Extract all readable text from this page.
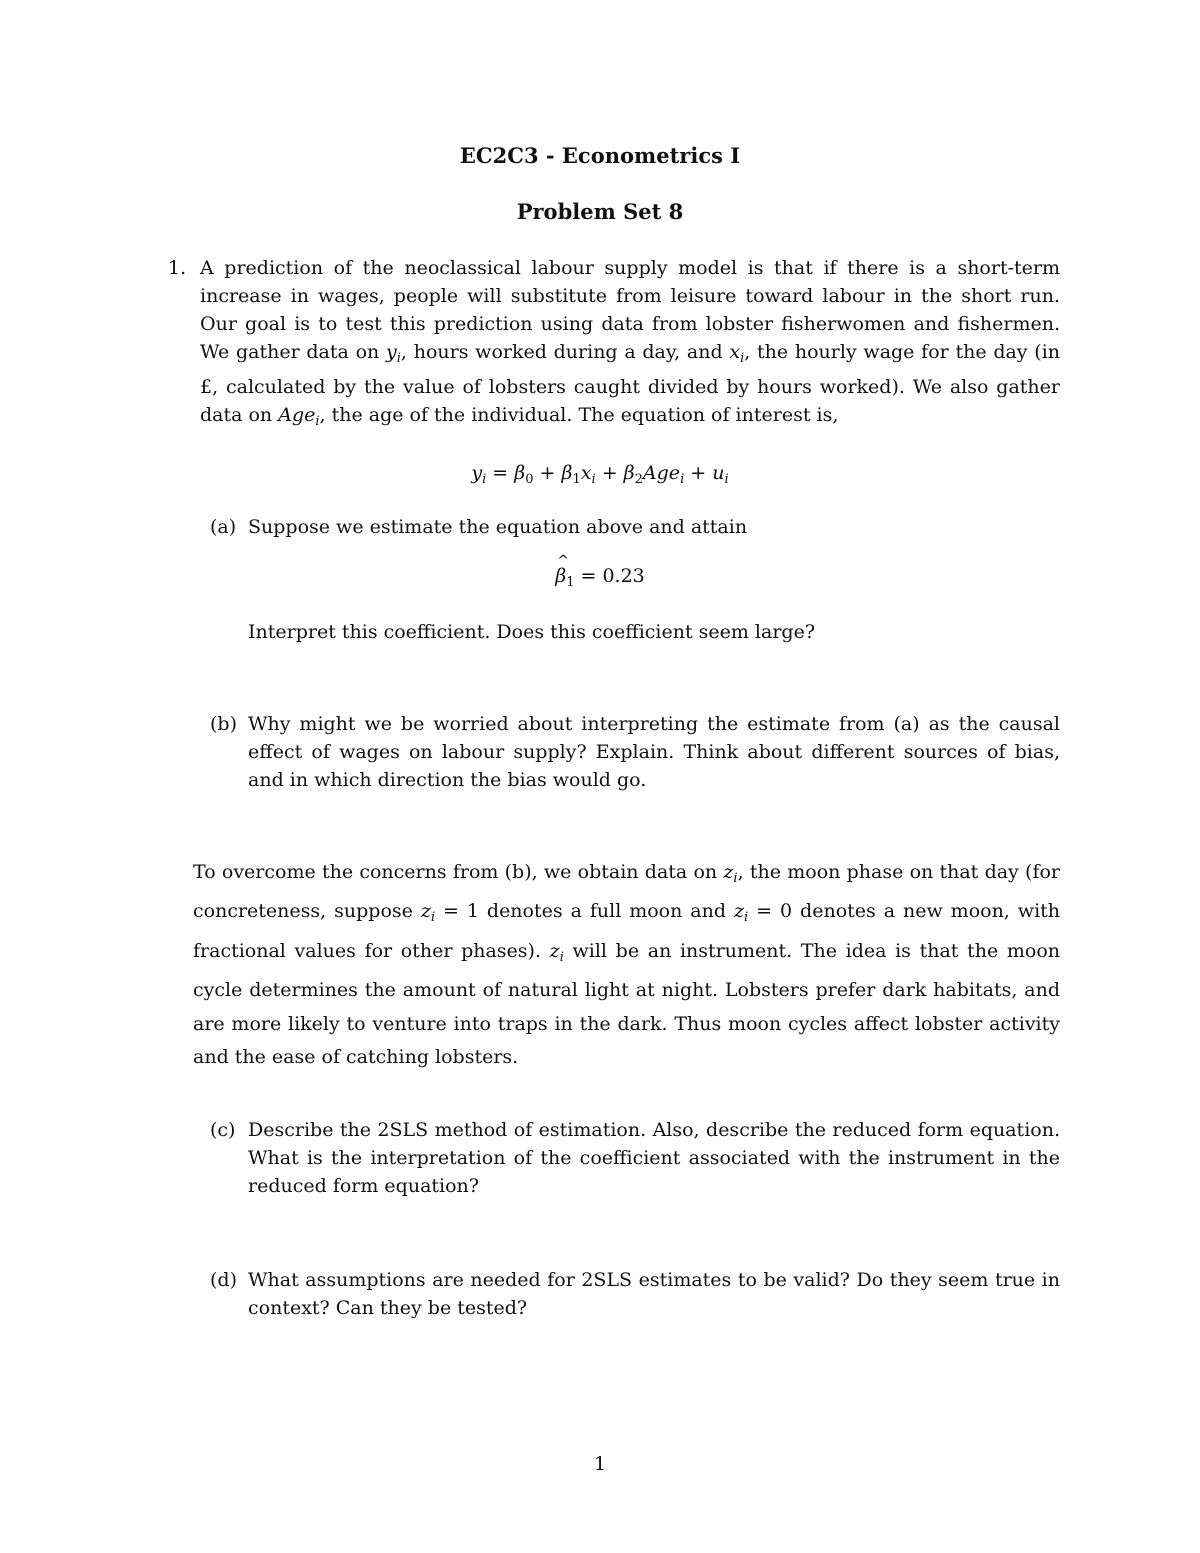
EC2C3 - Econometrics I
Problem Set 8
1. A prediction of the neoclassical labour supply model is that if there is a short-term increase in wages, people will substitute from leisure toward labour in the short run. Our goal is to test this prediction using data from lobster fisherwomen and fishermen. We gather data on $y_i$, hours worked during a day, and $x_i$, the hourly wage for the day (in £, calculated by the value of lobsters caught divided by hours worked). We also gather data on Age$_i$, the age of the individual. The equation of interest is,

$y_i = \beta_0 + \beta_1x_i + \beta_2Age_i + u_i$
(a) Suppose we estimate the equation above and attain

^ $\beta_1 = 0.23$

Interpret this coefficient. Does this coefficient seem large?

(b) Why might we be worried about interpreting the estimate from (a) as the causal effect of wages on labour supply? Explain. Think about different sources of bias, and in which direction the bias would go.

To overcome the concerns from (b), we obtain data on $z_i$, the moon phase on that day (for concreteness, suppose $z_i = 1$ denotes a full moon and $z_i = 0$ denotes a new moon, with fractional values for other phases). $z_i$ will be an instrument. The idea is that the moon cycle determines the amount of natural light at night. Lobsters prefer dark habitats, and are more likely to venture into traps in the dark. Thus moon cycles affect lobster activity and the ease of catching lobsters.

(c) Describe the 2SLS method of estimation. Also, describe the reduced form equation. What is the interpretation of the coefficient associated with the instrument in the reduced form equation?

(d) What assumptions are needed for 2SLS estimates to be valid? Do they seem true in context? Can they be tested?

1
